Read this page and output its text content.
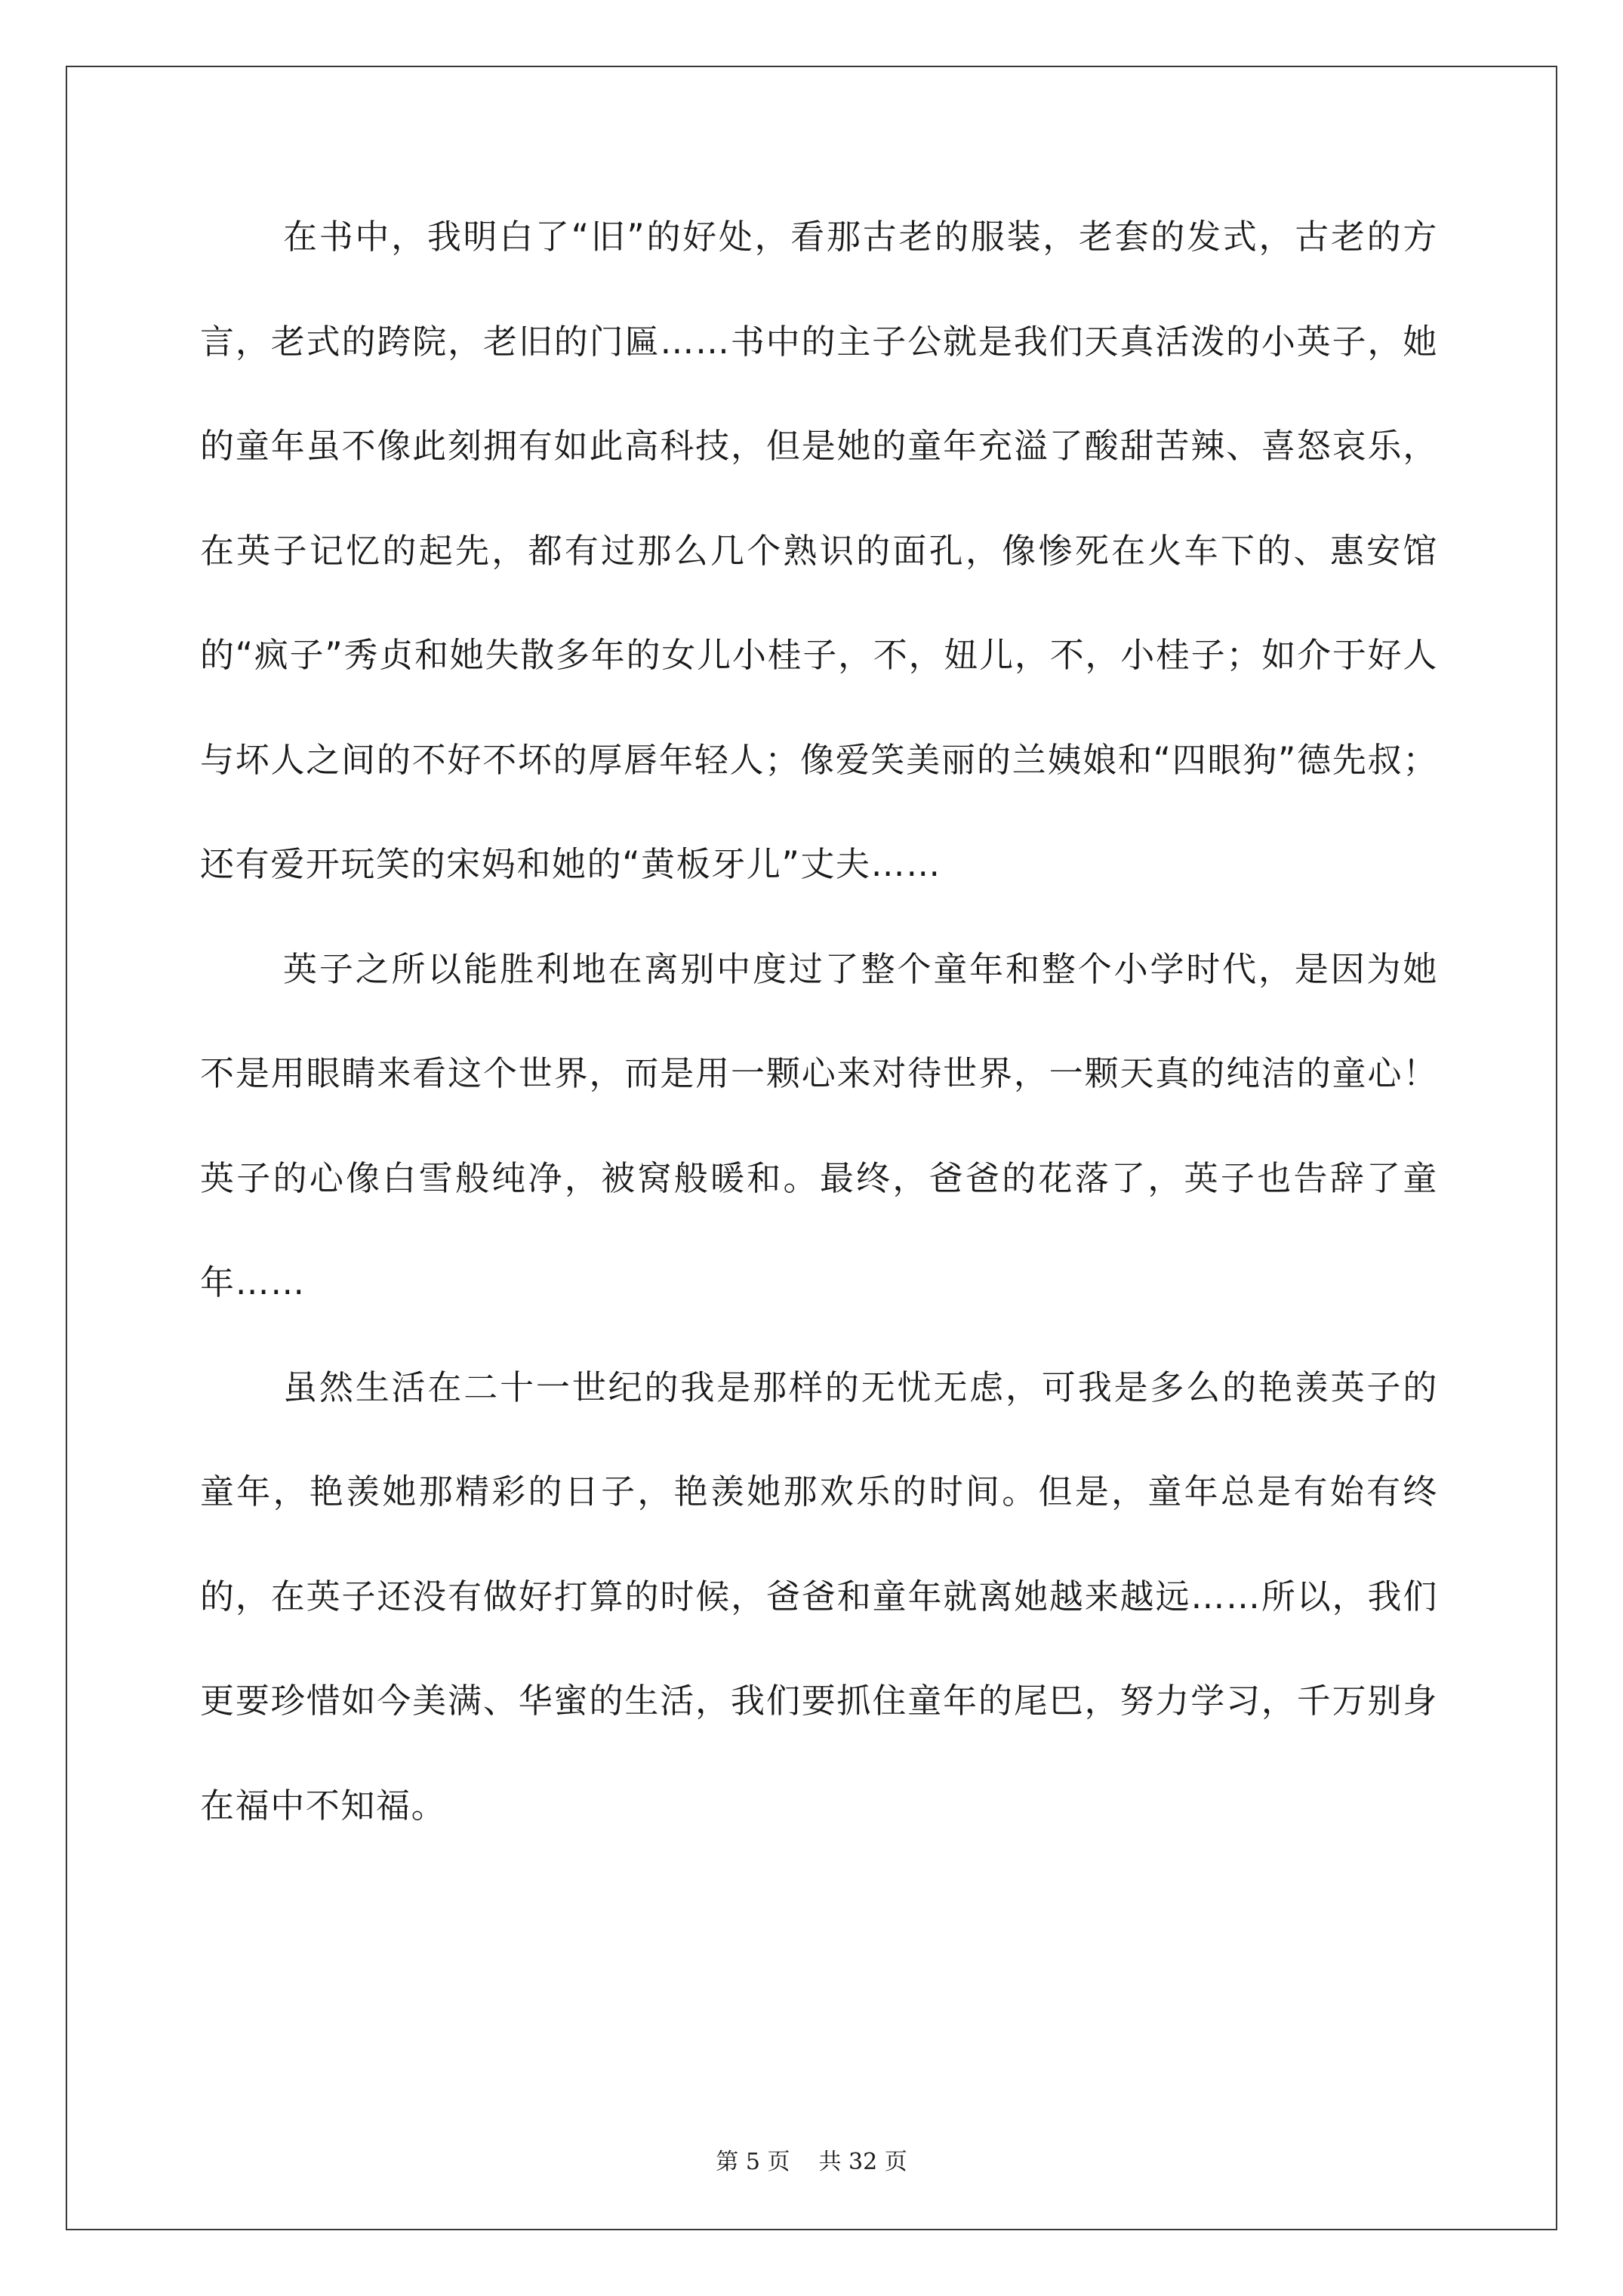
在书中，我明白了“旧”的好处，看那古老的服装，老套的发式，古老的方言，老式的跨院，老旧的门匾……书中的主子公就是我们天真活泼的小英子，她的童年虽不像此刻拥有如此高科技，但是她的童年充溢了酸甜苦辣、喜怒哀乐，在英子记忆的起先，都有过那么几个熟识的面孔，像惨死在火车下的、惠安馆的“疯子”秀贞和她失散多年的女儿小桂子，不，妞儿，不，小桂子；如介于好人与坏人之间的不好不坏的厚唇年轻人；像爱笑美丽的兰姨娘和“四眼狗”德先叔；还有爱开玩笑的宋妈和她的“黄板牙儿”丈夫……

英子之所以能胜利地在离别中度过了整个童年和整个小学时代，是因为她不是用眼睛来看这个世界，而是用一颗心来对待世界，一颗天真的纯洁的童心！英子的心像白雪般纯净，被窝般暖和。最终，爸爸的花落了，英子也告辞了童年……

虽然生活在二十一世纪的我是那样的无忧无虑，可我是多么的艳羡英子的童年，艳羡她那精彩的日子，艳羡她那欢乐的时间。但是，童年总是有始有终的，在英子还没有做好打算的时候，爸爸和童年就离她越来越远……所以，我们更要珍惜如今美满、华蜜的生活，我们要抓住童年的尾巴，努力学习，千万别身在福中不知福。

第 5 页 共 32 页
